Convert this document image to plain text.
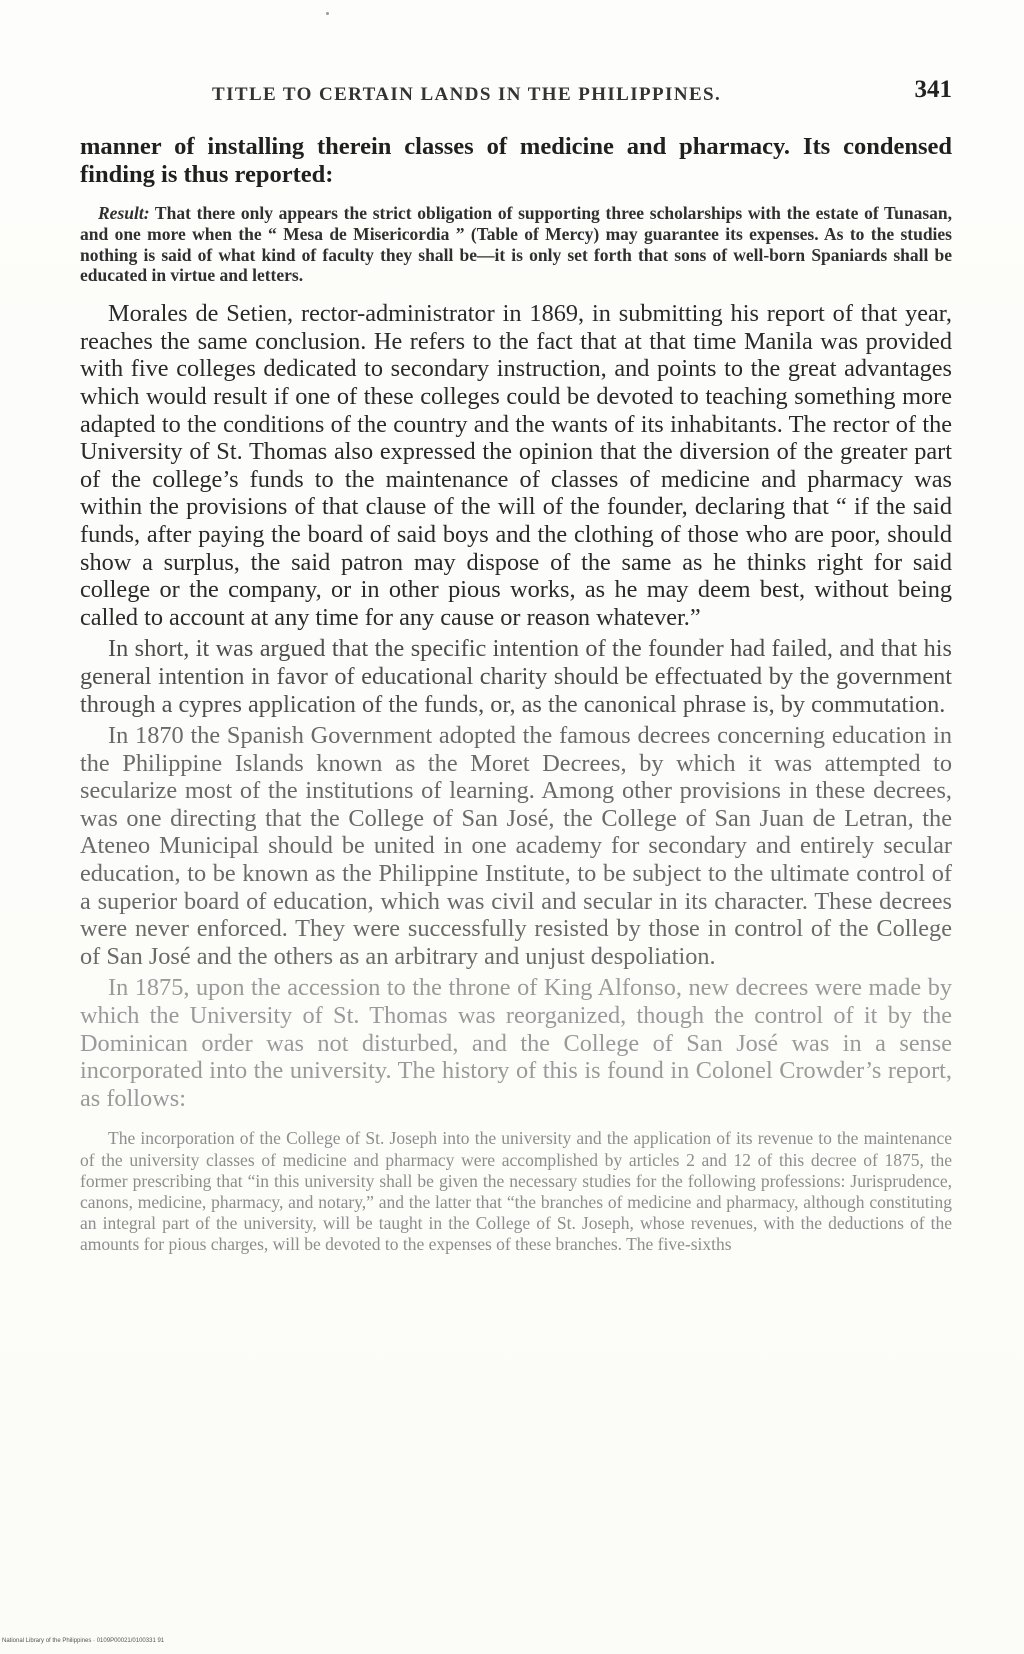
TITLE TO CERTAIN LANDS IN THE PHILIPPINES.	341

manner of installing therein classes of medicine and pharmacy. Its condensed finding is thus reported:

Result: That there only appears the strict obligation of supporting three scholarships with the estate of Tunasan, and one more when the “ Mesa de Misericordia ” (Table of Mercy) may guarantee its expenses. As to the studies nothing is said of what kind of faculty they shall be—it is only set forth that sons of well-born Spaniards shall be educated in virtue and letters.

Morales de Setien, rector-administrator in 1869, in submitting his report of that year, reaches the same conclusion. He refers to the fact that at that time Manila was provided with five colleges dedicated to secondary instruction, and points to the great advantages which would result if one of these colleges could be devoted to teaching something more adapted to the conditions of the country and the wants of its inhabitants. The rector of the University of St. Thomas also expressed the opinion that the diversion of the greater part of the college’s funds to the maintenance of classes of medicine and pharmacy was within the provisions of that clause of the will of the founder, declaring that “ if the said funds, after paying the board of said boys and the clothing of those who are poor, should show a surplus, the said patron may dispose of the same as he thinks right for said college or the company, or in other pious works, as he may deem best, without being called to account at any time for any cause or reason whatever.”

In short, it was argued that the specific intention of the founder had failed, and that his general intention in favor of educational charity should be effectuated by the government through a cypres application of the funds, or, as the canonical phrase is, by commutation.

In 1870 the Spanish Government adopted the famous decrees concerning education in the Philippine Islands known as the Moret Decrees, by which it was attempted to secularize most of the institutions of learning. Among other provisions in these decrees, was one directing that the College of San José, the College of San Juan de Letran, the Ateneo Municipal should be united in one academy for secondary and entirely secular education, to be known as the Philippine Institute, to be subject to the ultimate control of a superior board of education, which was civil and secular in its character. These decrees were never enforced. They were successfully resisted by those in control of the College of San José and the others as an arbitrary and unjust despoliation.

In 1875, upon the accession to the throne of King Alfonso, new decrees were made by which the University of St. Thomas was reorganized, though the control of it by the Dominican order was not disturbed, and the College of San José was in a sense incorporated into the university. The history of this is found in Colonel Crowder’s report, as follows:

The incorporation of the College of St. Joseph into the university and the application of its revenue to the maintenance of the university classes of medicine and pharmacy were accomplished by articles 2 and 12 of this decree of 1875, the former prescribing that “in this university shall be given the necessary studies for the following professions: Jurisprudence, canons, medicine, pharmacy, and notary,” and the latter that “the branches of medicine and pharmacy, although constituting an integral part of the university, will be taught in the College of St. Joseph, whose revenues, with the deductions of the amounts for pious charges, will be devoted to the expenses of these branches. The five-sixths

National Library of the Philippines · 0109P00021/0100331 91
